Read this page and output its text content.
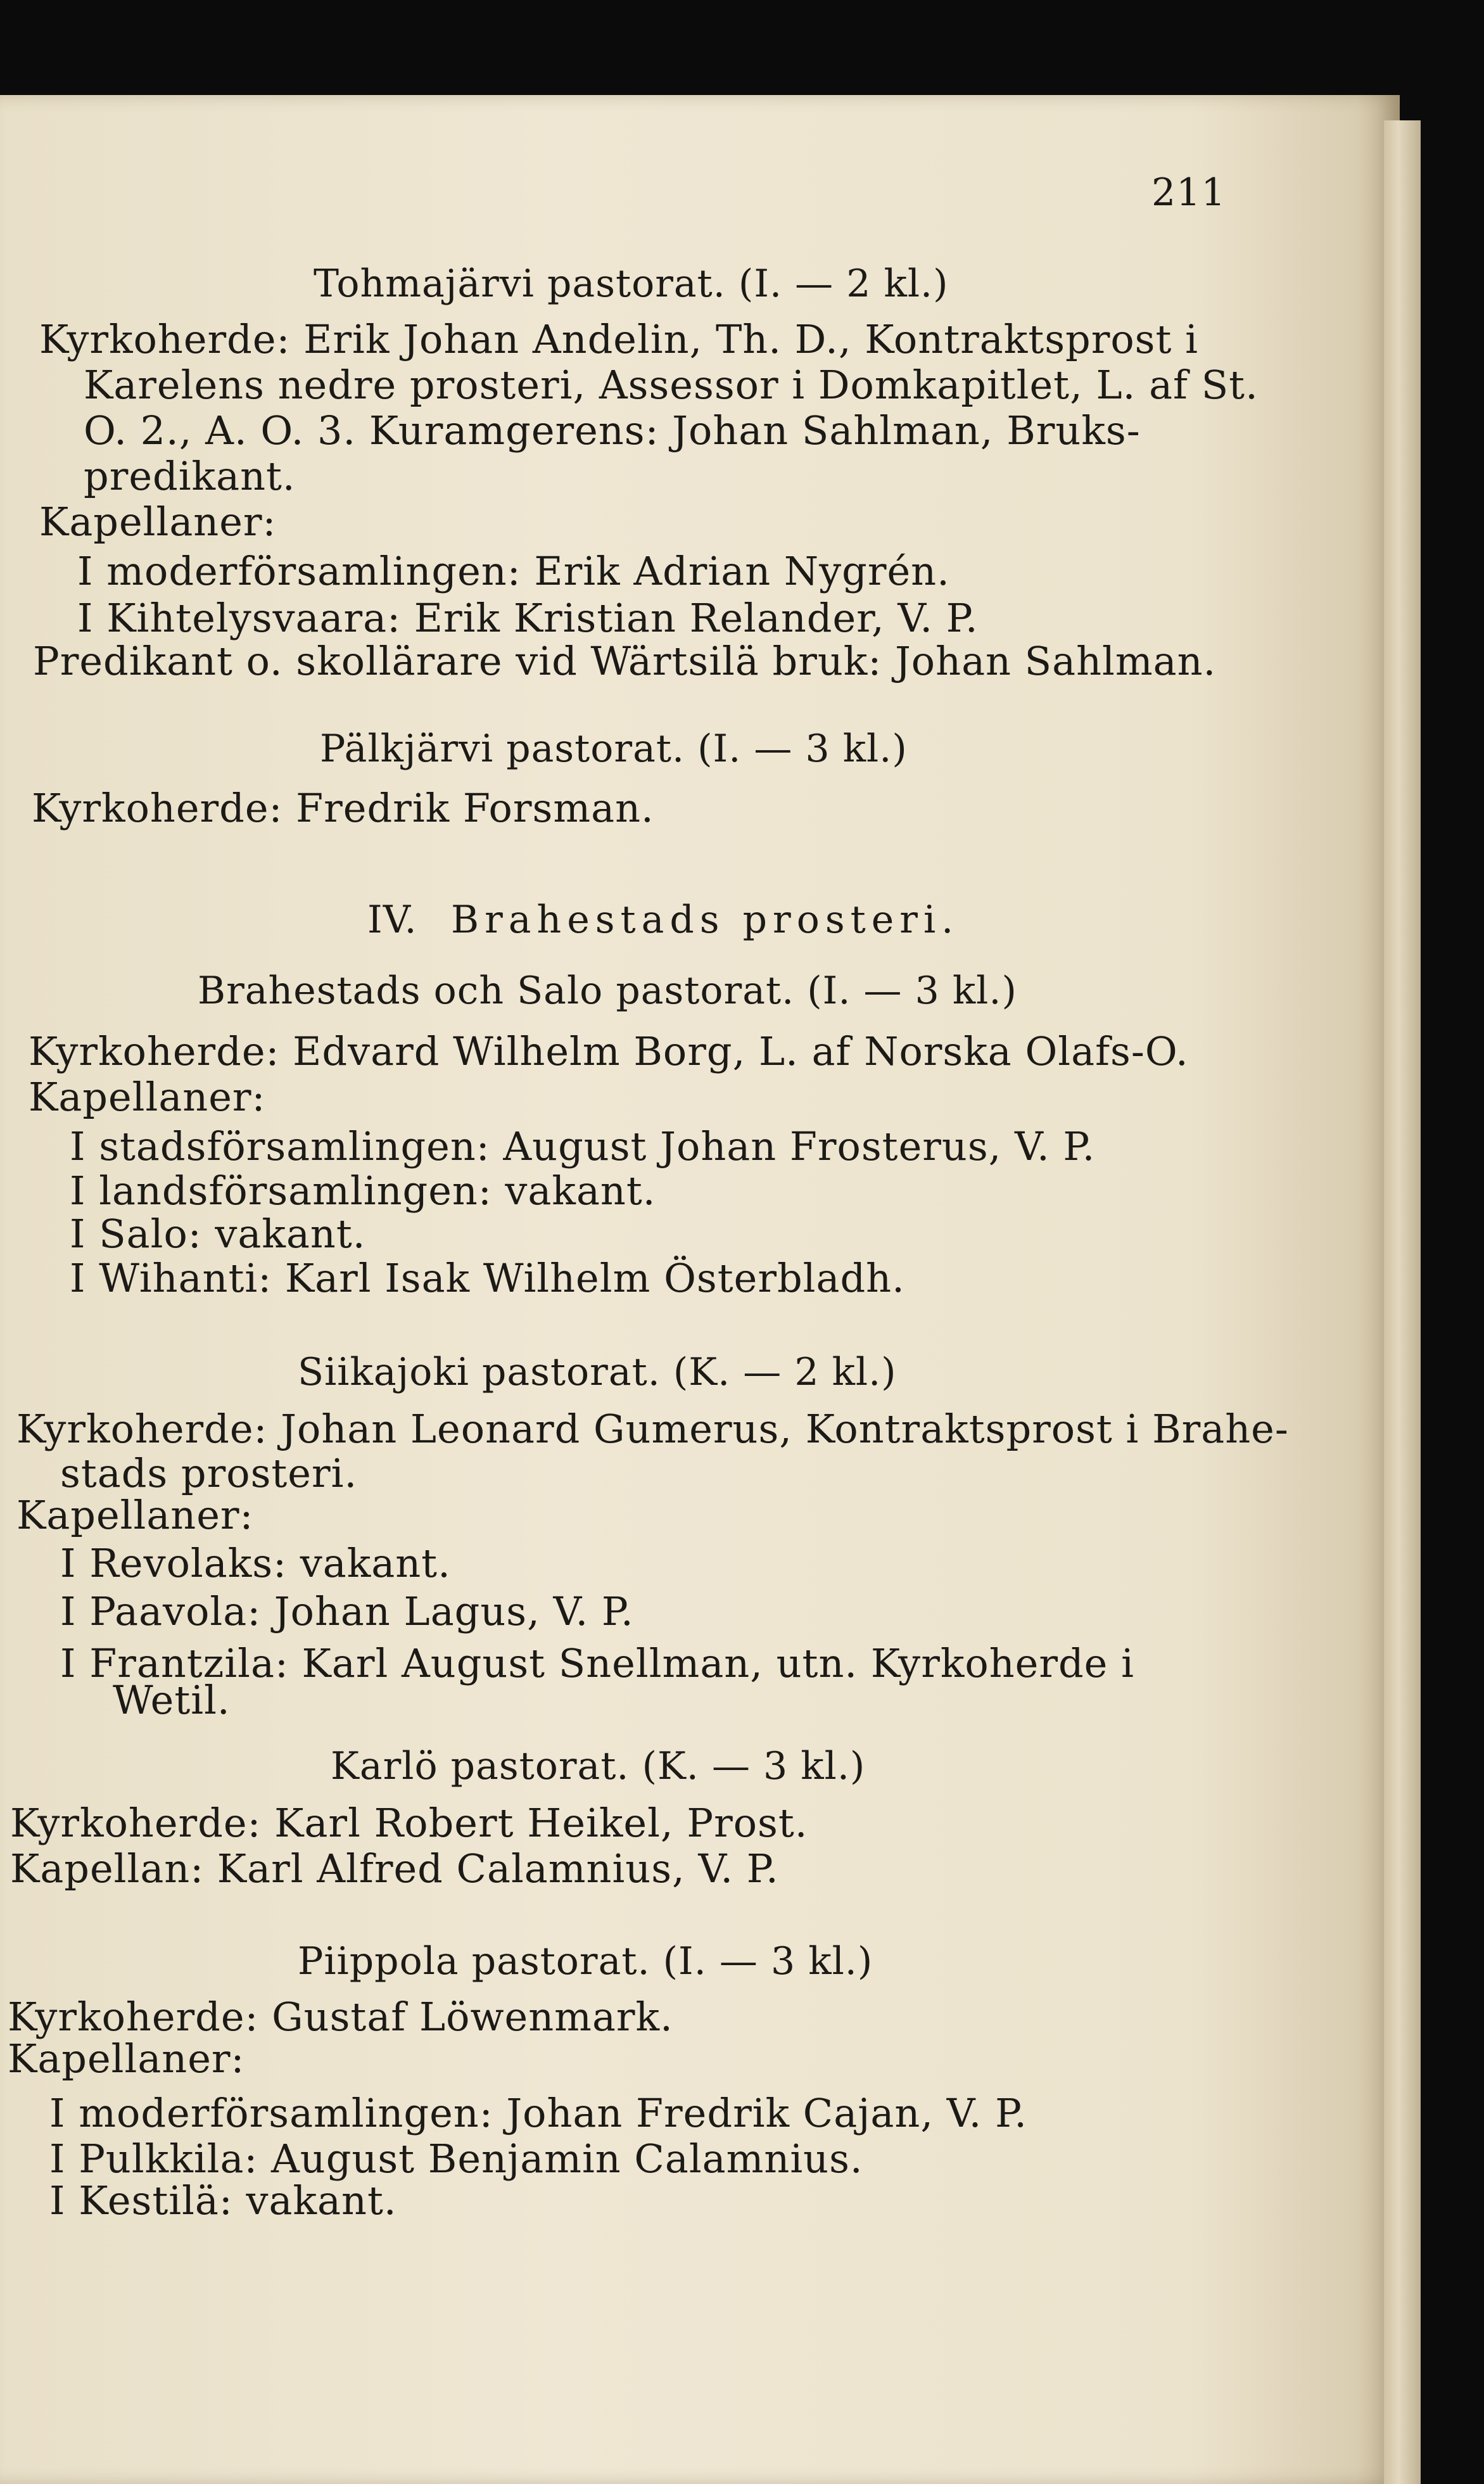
211
Tohmajärvi pastorat. (I. — 2 kl.)
Kyrkoherde: Erik Johan Andelin, Th. D., Kontraktsprost i
Karelens nedre prosteri, Assessor i Domkapitlet, L. af St.
O. 2., A. O. 3. Kuramgerens: Johan Sahlman, Bruks-
predikant.
Kapellaner:
I moderförsamlingen: Erik Adrian Nygrén.
I Kihtelysvaara: Erik Kristian Relander, V. P.
Predikant o. skollärare vid Wärtsilä bruk: Johan Sahlman.
Pälkjärvi pastorat. (I. — 3 kl.)
Kyrkoherde: Fredrik Forsman.
IV. Brahestads prosteri.
Brahestads och Salo pastorat. (I. — 3 kl.)
Kyrkoherde: Edvard Wilhelm Borg, L. af Norska Olafs-O.
Kapellaner:
I stadsförsamlingen: August Johan Frosterus, V. P.
I landsförsamlingen: vakant.
I Salo: vakant.
I Wihanti: Karl Isak Wilhelm Österbladh.
Siikajoki pastorat. (K. — 2 kl.)
Kyrkoherde: Johan Leonard Gumerus, Kontraktsprost i Brahe-
stads prosteri.
Kapellaner:
I Revolaks: vakant.
I Paavola: Johan Lagus, V. P.
I Frantzila: Karl August Snellman, utn. Kyrkoherde i
Wetil.
Karlö pastorat. (K. — 3 kl.)
Kyrkoherde: Karl Robert Heikel, Prost.
Kapellan: Karl Alfred Calamnius, V. P.
Piippola pastorat. (I. — 3 kl.)
Kyrkoherde: Gustaf Löwenmark.
Kapellaner:
I moderförsamlingen: Johan Fredrik Cajan, V. P.
I Pulkkila: August Benjamin Calamnius.
I Kestilä: vakant.
